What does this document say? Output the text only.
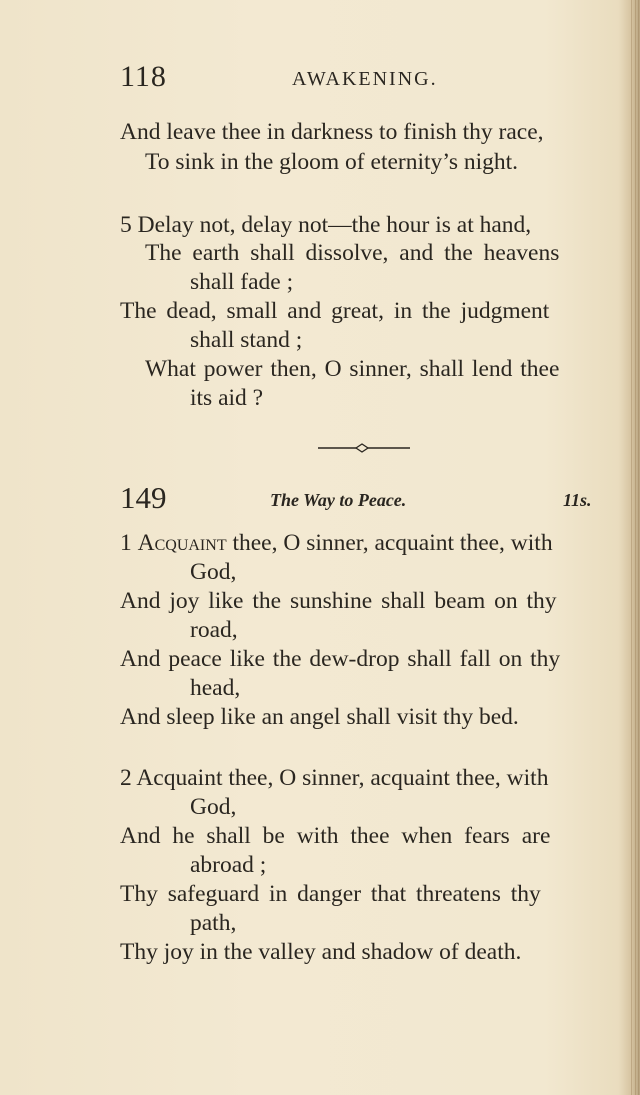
118	AWAKENING.
And leave thee in darkness to finish thy race,
To sink in the gloom of eternity’s night.
5 Delay not, delay not—the hour is at hand,
The earth shall dissolve, and the heavens
shall fade ;
The dead, small and great, in the judgment
shall stand ;
What power then, O sinner, shall lend thee
its aid ?
149	The Way to Peace.	11s.
1 Acquaint thee, O sinner, acquaint thee, with
God,
And joy like the sunshine shall beam on thy
road,
And peace like the dew-drop shall fall on thy
head,
And sleep like an angel shall visit thy bed.
2 Acquaint thee, O sinner, acquaint thee, with
God,
And he shall be with thee when fears are
abroad ;
Thy safeguard in danger that threatens thy
path,
Thy joy in the valley and shadow of death.
